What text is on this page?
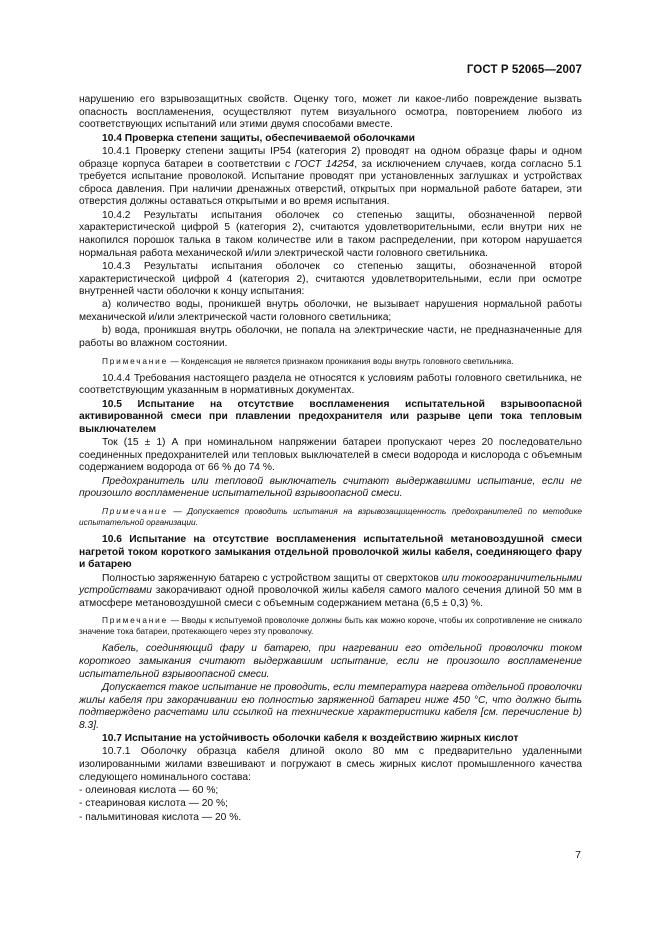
ГОСТ Р 52065—2007

нарушению его взрывозащитных свойств. Оценку того, может ли какое-либо повреждение вызвать опасность воспламенения, осуществляют путем визуального осмотра, повторением любого из соответствующих испытаний или этими двумя способами вместе.

10.4 Проверка степени защиты, обеспечиваемой оболочками

10.4.1 Проверку степени защиты IP54 (категория 2) проводят на одном образце фары и одном образце корпуса батареи в соответствии с ГОСТ 14254, за исключением случаев, когда согласно 5.1 требуется испытание проволокой. Испытание проводят при установленных заглушках и устройствах сброса давления. При наличии дренажных отверстий, открытых при нормальной работе батареи, эти отверстия должны оставаться открытыми и во время испытания.

10.4.2 Результаты испытания оболочек со степенью защиты, обозначенной первой характеристической цифрой 5 (категория 2), считаются удовлетворительными, если внутри них не накопился порошок талька в таком количестве или в таком распределении, при котором нарушается нормальная работа механической и/или электрической части головного светильника.

10.4.3 Результаты испытания оболочек со степенью защиты, обозначенной второй характеристической цифрой 4 (категория 2), считаются удовлетворительными, если при осмотре внутренней части оболочки к концу испытания:

а) количество воды, проникшей внутрь оболочки, не вызывает нарушения нормальной работы механической и/или электрической части головного светильника;

b) вода, проникшая внутрь оболочки, не попала на электрические части, не предназначенные для работы во влажном состоянии.

Примечание — Конденсация не является признаком проникания воды внутрь головного светильника.

10.4.4 Требования настоящего раздела не относятся к условиям работы головного светильника, не соответствующим указанным в нормативных документах.

10.5 Испытание на отсутствие воспламенения испытательной взрывоопасной активированной смеси при плавлении предохранителя или разрыве цепи тока тепловым выключателем

Ток (15 ± 1) А при номинальном напряжении батареи пропускают через 20 последовательно соединенных предохранителей или тепловых выключателей в смеси водорода и кислорода с объемным содержанием водорода от 66 % до 74 %.

Предохранитель или тепловой выключатель считают выдержавшими испытание, если не произошло воспламенение испытательной взрывоопасной смеси.

Примечание — Допускается проводить испытания на взрывозащищенность предохранителей по методике испытательной организации.

10.6 Испытание на отсутствие воспламенения испытательной метановоздушной смеси нагретой током короткого замыкания отдельной проволочкой жилы кабеля, соединяющего фару и батарею

Полностью заряженную батарею с устройством защиты от сверхтоков или токоограничительными устройствами закорачивают одной проволочкой жилы кабеля самого малого сечения длиной 50 мм в атмосфере метановоздушной смеси с объемным содержанием метана (6,5 ± 0,3) %.

Примечание — Вводы к испытуемой проволочке должны быть как можно короче, чтобы их сопротивление не снижало значение тока батареи, протекающего через эту проволочку.

Кабель, соединяющий фару и батарею, при нагревании его отдельной проволочки током короткого замыкания считают выдержавшим испытание, если не произошло воспламенение испытательной взрывоопасной смеси.

Допускается такое испытание не проводить, если температура нагрева отдельной проволочки жилы кабеля при закорачивании ею полностью заряженной батареи ниже 450 °С, что должно быть подтверждено расчетами или ссылкой на технические характеристики кабеля [см. перечисление b) 8.3].

10.7 Испытание на устойчивость оболочки кабеля к воздействию жирных кислот

10.7.1 Оболочку образца кабеля длиной около 80 мм с предварительно удаленными изолированными жилами взвешивают и погружают в смесь жирных кислот промышленного качества следующего номинального состава:

- олеиновая кислота — 60 %;
- стеариновая кислота — 20 %;
- пальмитиновая кислота — 20 %.
7
